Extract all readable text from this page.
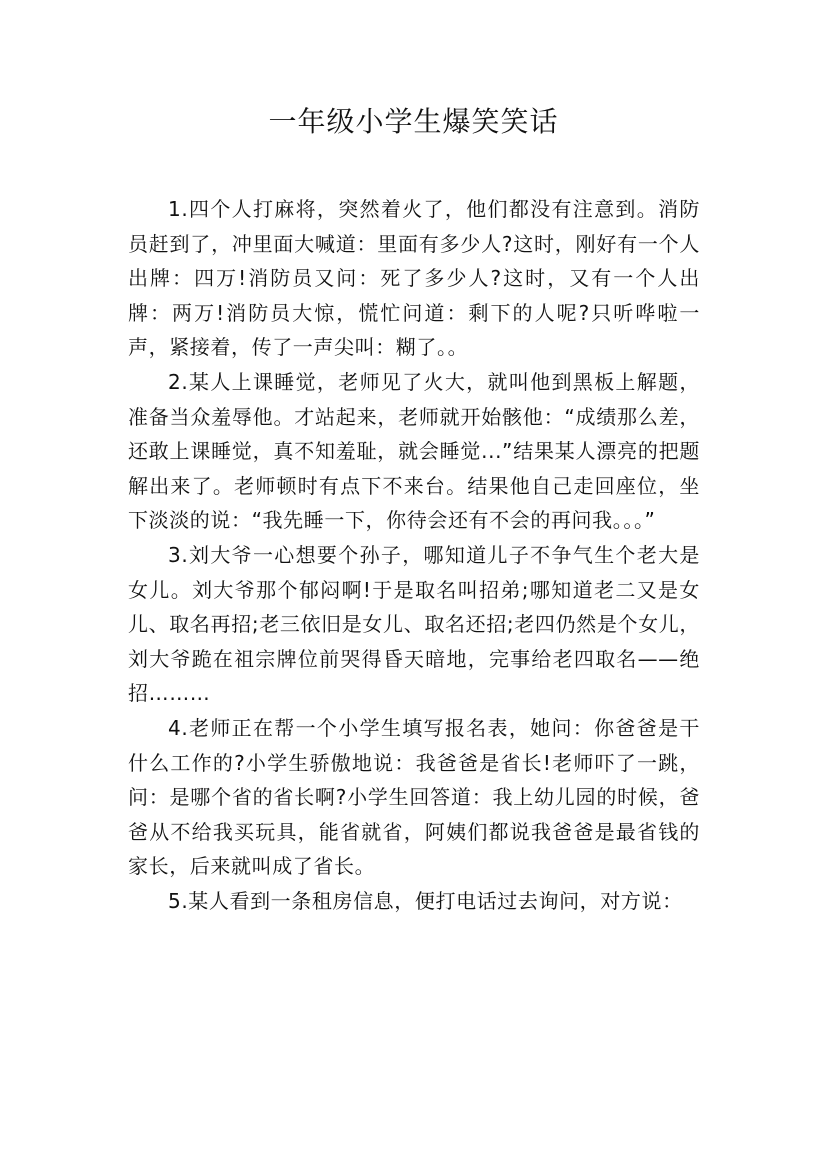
一年级小学生爆笑笑话

1.四个人打麻将，突然着火了，他们都没有注意到。消防员赶到了，冲里面大喊道：里面有多少人?这时，刚好有一个人出牌：四万!消防员又问：死了多少人?这时，又有一个人出牌：两万!消防员大惊，慌忙问道：剩下的人呢?只听哗啦一声，紧接着，传了一声尖叫：糊了。。

2.某人上课睡觉，老师见了火大，就叫他到黑板上解题，准备当众羞辱他。才站起来，老师就开始骸他：“成绩那么差，还敢上课睡觉，真不知羞耻，就会睡觉...”结果某人漂亮的把题解出来了。老师顿时有点下不来台。结果他自己走回座位，坐下淡淡的说：“我先睡一下，你待会还有不会的再问我。。。”

3.刘大爷一心想要个孙子，哪知道儿子不争气生个老大是女儿。刘大爷那个郁闷啊!于是取名叫招弟;哪知道老二又是女儿、取名再招;老三依旧是女儿、取名还招;老四仍然是个女儿，刘大爷跪在祖宗牌位前哭得昏天暗地，完事给老四取名——绝招………

4.老师正在帮一个小学生填写报名表，她问：你爸爸是干什么工作的?小学生骄傲地说：我爸爸是省长!老师吓了一跳，问：是哪个省的省长啊?小学生回答道：我上幼儿园的时候，爸爸从不给我买玩具，能省就省，阿姨们都说我爸爸是最省钱的家长，后来就叫成了省长。

5.某人看到一条租房信息，便打电话过去询问，对方说：
